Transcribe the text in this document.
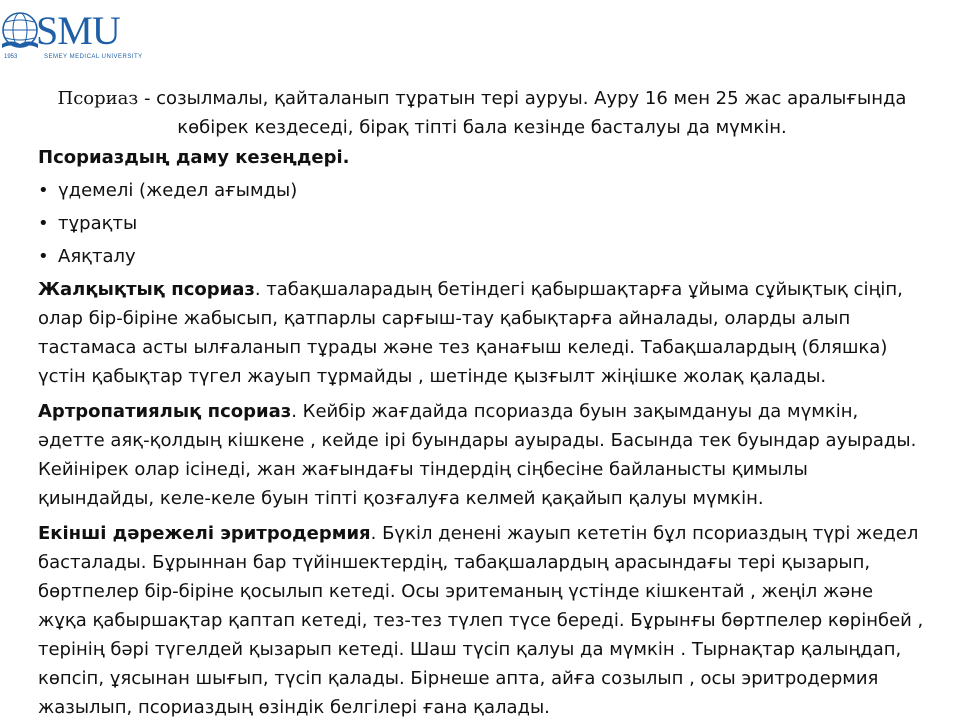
SMU
1953	SEMEY MEDICAL UNIVERSITY

Псориаз - созылмалы, қайталанып тұратын тері ауруы. Ауру 16 мен 25 жас аралығында көбірек кездеседі, бірақ тіпті бала кезінде басталуы да мүмкін.

Псориаздың даму кезеңдері.
• үдемелі (жедел ағымды)
• тұрақты
• Аяқталу

Жалқықтық псориаз. табақшаларадың бетіндегі қабыршақтарға ұйыма сұйықтық сіңіп, олар бір-біріне жабысып, қатпарлы сарғыш-тау қабықтарға айналады, оларды алып тастамаса асты ылғаланып тұрады және тез қанағыш келеді. Табақшалардың (бляшка) үстін қабықтар түгел жауып тұрмайды , шетінде қызғылт жіңішке жолақ қалады.

Артропатиялық псориаз. Кейбір жағдайда псориазда буын зақымдануы да мүмкін, әдетте аяқ-қолдың кішкене , кейде ірі буындары ауырады. Басында тек буындар ауырады. Кейінірек олар ісінеді, жан жағындағы тіндердің сіңбесіне байланысты қимылы қиындайды, келе-келе буын тіпті қозғалуға келмей қақайып қалуы мүмкін.

Екінші дәрежелі эритродермия. Бүкіл денені жауып кететін бұл псориаздың түрі жедел басталады. Бұрыннан бар түйіншектердің, табақшалардың арасындағы тері қызарып, бөртпелер бір-біріне қосылып кетеді. Осы эритеманың үстінде кішкентай , жеңіл және жұқа қабыршақтар қаптап кетеді, тез-тез түлеп түсе береді. Бұрынғы бөртпелер көрінбей , терінің бәрі түгелдей қызарып кетеді. Шаш түсіп қалуы да мүмкін . Тырнақтар қалыңдап, көпсіп, ұясынан шығып, түсіп қалады. Бірнеше апта, айға созылып , осы эритродермия жазылып, псориаздың өзіндік белгілері ғана қалады.
